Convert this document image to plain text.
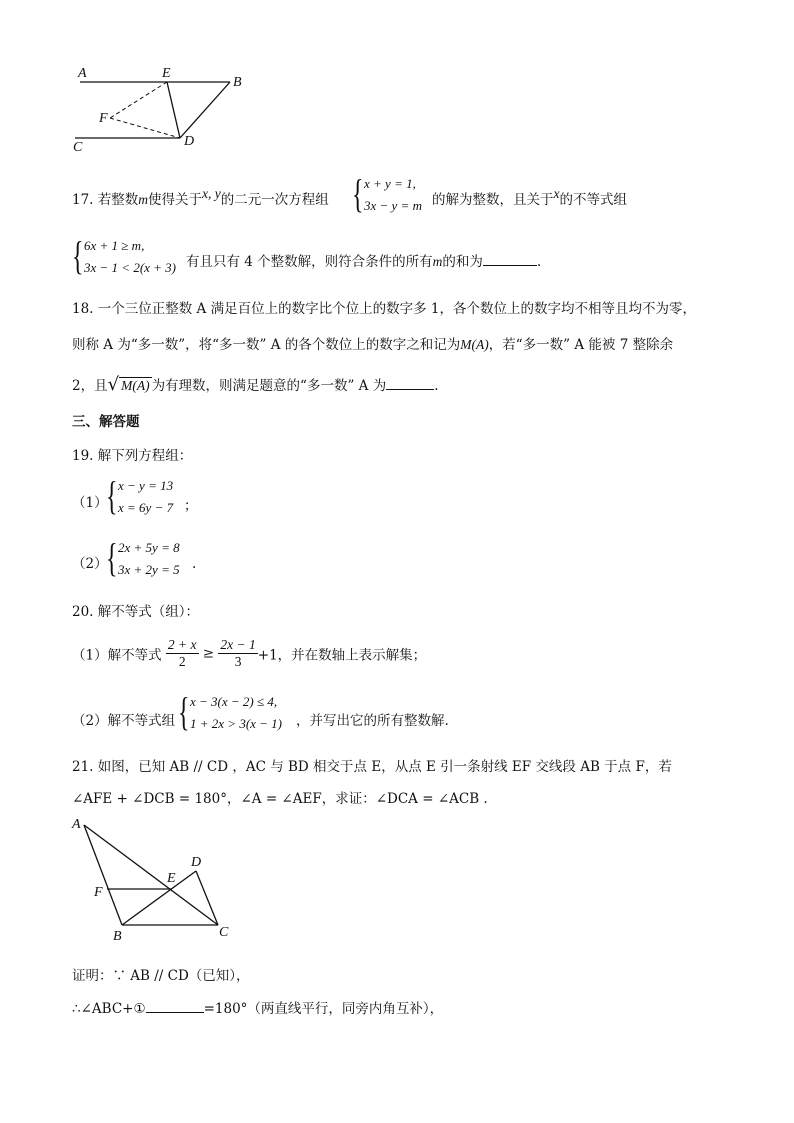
A	E
B
F
C	D
17. 若整数m使得关于x, y的二元一次方程组 { x + y = 1,
3x − y = m 的解为整数，且关于x的不等式组
{ 6x + 1 ≥ m,
3x − 1 < 2(x + 3) 有且只有 4 个整数解，则符合条件的所有m的和为	.
18. 一个三位正整数 A 满足百位上的数字比个位上的数字多 1，各个数位上的数字均不相等且均不为零，
则称 A 为“多一数”，将“多一数” A 的各个数位上的数字之和记为M(A)，若“多一数” A 能被 7 整除余
2，且√ M(A) 为有理数，则满足题意的“多一数” A 为	.
三、解答题
19. 解下列方程组：
（1）
{ x − y = 13
x = 6y − 7 ；
（2）
{ 2x + 5y = 8
3x + 2y = 5 .
20. 解不等式（组）：
（1）解不等式 $\frac{2 + x}{2} \ge \frac{2x - 1}{3} +1$，并在数轴上表示解集；
（2）解不等式组 { x − 3(x − 2) ≤ 4,
1 + 2x > 3(x − 1) ，并写出它的所有整数解.
21. 如图，已知 AB // CD ，AC 与 BD 相交于点 E，从点 E 引一条射线 EF 交线段 AB 于点 F，若
∠AFE + ∠DCB = 180°，∠A = ∠AEF，求证：∠DCA = ∠ACB .
A
D
E
F
B	C
证明：∵ AB // CD（已知），
∴∠ABC+①	=180°（两直线平行，同旁内角互补），
